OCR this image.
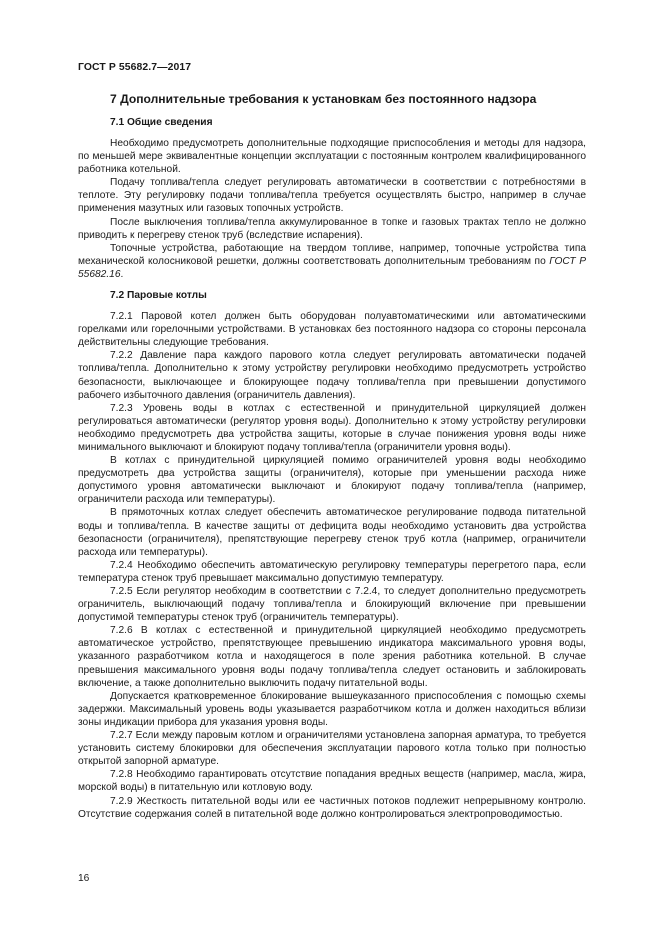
ГОСТ Р 55682.7—2017
7 Дополнительные требования к установкам без постоянного надзора
7.1 Общие сведения

Необходимо предусмотреть дополнительные подходящие приспособления и методы для надзора, по меньшей мере эквивалентные концепции эксплуатации с постоянным контролем квалифицированного работника котельной.

Подачу топлива/тепла следует регулировать автоматически в соответствии с потребностями в теплоте. Эту регулировку подачи топлива/тепла требуется осуществлять быстро, например в случае применения мазутных или газовых топочных устройств.

После выключения топлива/тепла аккумулированное в топке и газовых трактах тепло не должно приводить к перегреву стенок труб (вследствие испарения).

Топочные устройства, работающие на твердом топливе, например, топочные устройства типа механической колосниковой решетки, должны соответствовать дополнительным требованиям по ГОСТ Р 55682.16.

7.2 Паровые котлы

7.2.1 Паровой котел должен быть оборудован полуавтоматическими или автоматическими горелками или горелочными устройствами. В установках без постоянного надзора со стороны персонала действительны следующие требования.

7.2.2 Давление пара каждого парового котла следует регулировать автоматически подачей топлива/тепла. Дополнительно к этому устройству регулировки необходимо предусмотреть устройство безопасности, выключающее и блокирующее подачу топлива/тепла при превышении допустимого рабочего избыточного давления (ограничитель давления).

7.2.3 Уровень воды в котлах с естественной и принудительной циркуляцией должен регулироваться автоматически (регулятор уровня воды). Дополнительно к этому устройству регулировки необходимо предусмотреть два устройства защиты, которые в случае понижения уровня воды ниже минимального выключают и блокируют подачу топлива/тепла (ограничители уровня воды).

В котлах с принудительной циркуляцией помимо ограничителей уровня воды необходимо предусмотреть два устройства защиты (ограничителя), которые при уменьшении расхода ниже допустимого уровня автоматически выключают и блокируют подачу топлива/тепла (например, ограничители расхода или температуры).

В прямоточных котлах следует обеспечить автоматическое регулирование подвода питательной воды и топлива/тепла. В качестве защиты от дефицита воды необходимо установить два устройства безопасности (ограничителя), препятствующие перегреву стенок труб котла (например, ограничители расхода или температуры).

7.2.4 Необходимо обеспечить автоматическую регулировку температуры перегретого пара, если температура стенок труб превышает максимально допустимую температуру.

7.2.5 Если регулятор необходим в соответствии с 7.2.4, то следует дополнительно предусмотреть ограничитель, выключающий подачу топлива/тепла и блокирующий включение при превышении допустимой температуры стенок труб (ограничитель температуры).

7.2.6 В котлах с естественной и принудительной циркуляцией необходимо предусмотреть автоматическое устройство, препятствующее превышению индикатора максимального уровня воды, указанного разработчиком котла и находящегося в поле зрения работника котельной. В случае превышения максимального уровня воды подачу топлива/тепла следует остановить и заблокировать включение, а также дополнительно выключить подачу питательной воды.

Допускается кратковременное блокирование вышеуказанного приспособления с помощью схемы задержки. Максимальный уровень воды указывается разработчиком котла и должен находиться вблизи зоны индикации прибора для указания уровня воды.

7.2.7 Если между паровым котлом и ограничителями установлена запорная арматура, то требуется установить систему блокировки для обеспечения эксплуатации парового котла только при полностью открытой запорной арматуре.

7.2.8 Необходимо гарантировать отсутствие попадания вредных веществ (например, масла, жира, морской воды) в питательную или котловую воду.

7.2.9 Жесткость питательной воды или ее частичных потоков подлежит непрерывному контролю. Отсутствие содержания солей в питательной воде должно контролироваться электропроводимостью.

16
